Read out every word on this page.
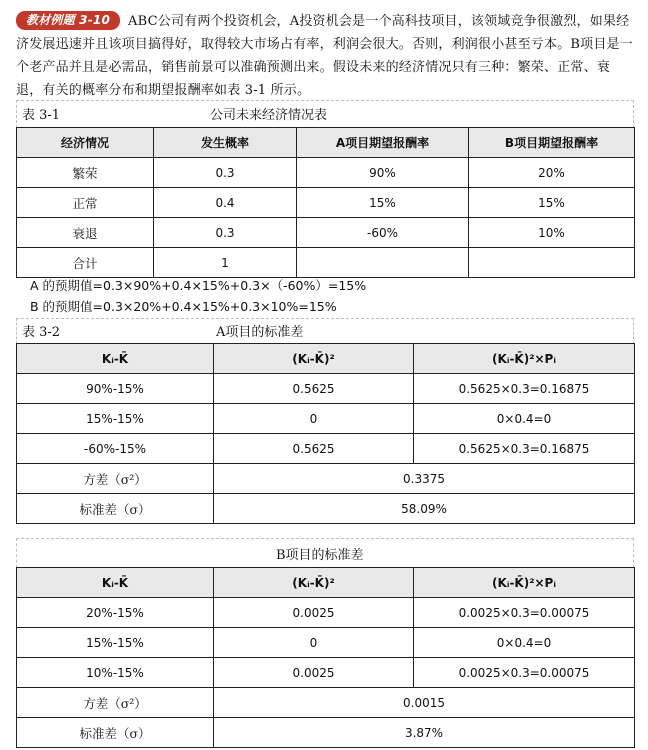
教材例题 3-10 ABC公司有两个投资机会，A投资机会是一个高科技项目，该领域竞争很激烈，如果经济发展迅速并且该项目搞得好，取得较大市场占有率，利润会很大。否则，利润很小甚至亏本。B项目是一个老产品并且是必需品，销售前景可以准确预测出来。假设未来的经济情况只有三种：繁荣、正常、衰退，有关的概率分布和期望报酬率如表 3-1 所示。
表 3-1	公司未来经济情况表
经济情况	发生概率	A项目期望报酬率	B项目期望报酬率
繁荣	0.3	90%	20%
正常	0.4	15%	15%
衰退	0.3	-60%	10%
合计	1		
A 的预期值=0.3×90%+0.4×15%+0.3×（-60%）=15%
B 的预期值=0.3×20%+0.4×15%+0.3×10%=15%
表 3-2	A项目的标准差
Kᵢ-K̄	(Kᵢ-K̄)²	(Kᵢ-K̄)²×Pᵢ
90%-15%	0.5625	0.5625×0.3=0.16875
15%-15%	0	0×0.4=0
-60%-15%	0.5625	0.5625×0.3=0.16875
方差（σ²）	0.3375	
标准差（σ）	58.09%	
B项目的标准差
Kᵢ-K̄	(Kᵢ-K̄)²	(Kᵢ-K̄)²×Pᵢ
20%-15%	0.0025	0.0025×0.3=0.00075
15%-15%	0	0×0.4=0
10%-15%	0.0025	0.0025×0.3=0.00075
方差（σ²）	0.0015	
标准差（σ）	3.87%	
